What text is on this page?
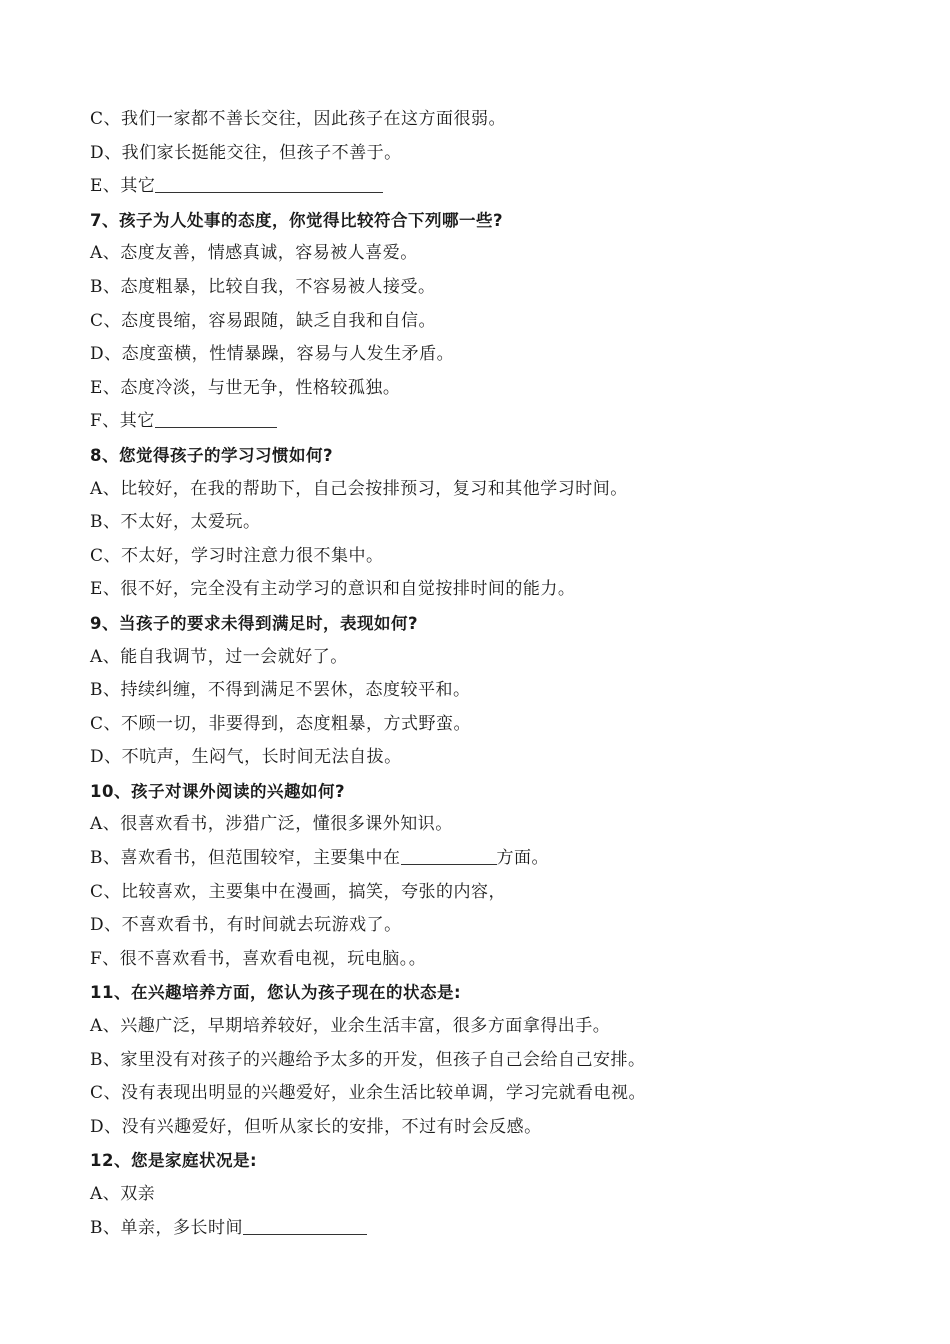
C、我们一家都不善长交往，因此孩子在这方面很弱。
D、我们家长挺能交往，但孩子不善于。
E、其它
7、孩子为人处事的态度，你觉得比较符合下列哪一些?
A、态度友善，情感真诚，容易被人喜爱。
B、态度粗暴，比较自我，不容易被人接受。
C、态度畏缩，容易跟随，缺乏自我和自信。
D、态度蛮横，性情暴躁，容易与人发生矛盾。
E、态度冷淡，与世无争，性格较孤独。
F、其它
8、您觉得孩子的学习习惯如何?
A、比较好，在我的帮助下，自己会按排预习，复习和其他学习时间。
B、不太好，太爱玩。
C、不太好，学习时注意力很不集中。
E、很不好，完全没有主动学习的意识和自觉按排时间的能力。
9、当孩子的要求未得到满足时，表现如何?
A、能自我调节，过一会就好了。
B、持续纠缠，不得到满足不罢休，态度较平和。
C、不顾一切，非要得到，态度粗暴，方式野蛮。
D、不吭声，生闷气，长时间无法自拔。
10、孩子对课外阅读的兴趣如何?
A、很喜欢看书，涉猎广泛，懂很多课外知识。
B、喜欢看书，但范围较窄，主要集中在	方面。
C、比较喜欢，主要集中在漫画，搞笑，夸张的内容，
D、不喜欢看书，有时间就去玩游戏了。
F、很不喜欢看书，喜欢看电视，玩电脑。。
11、在兴趣培养方面，您认为孩子现在的状态是:
A、兴趣广泛，早期培养较好，业余生活丰富，很多方面拿得出手。
B、家里没有对孩子的兴趣给予太多的开发，但孩子自己会给自己安排。
C、没有表现出明显的兴趣爱好，业余生活比较单调，学习完就看电视。
D、没有兴趣爱好，但听从家长的安排，不过有时会反感。
12、您是家庭状况是:
A、双亲
B、单亲，多长时间
